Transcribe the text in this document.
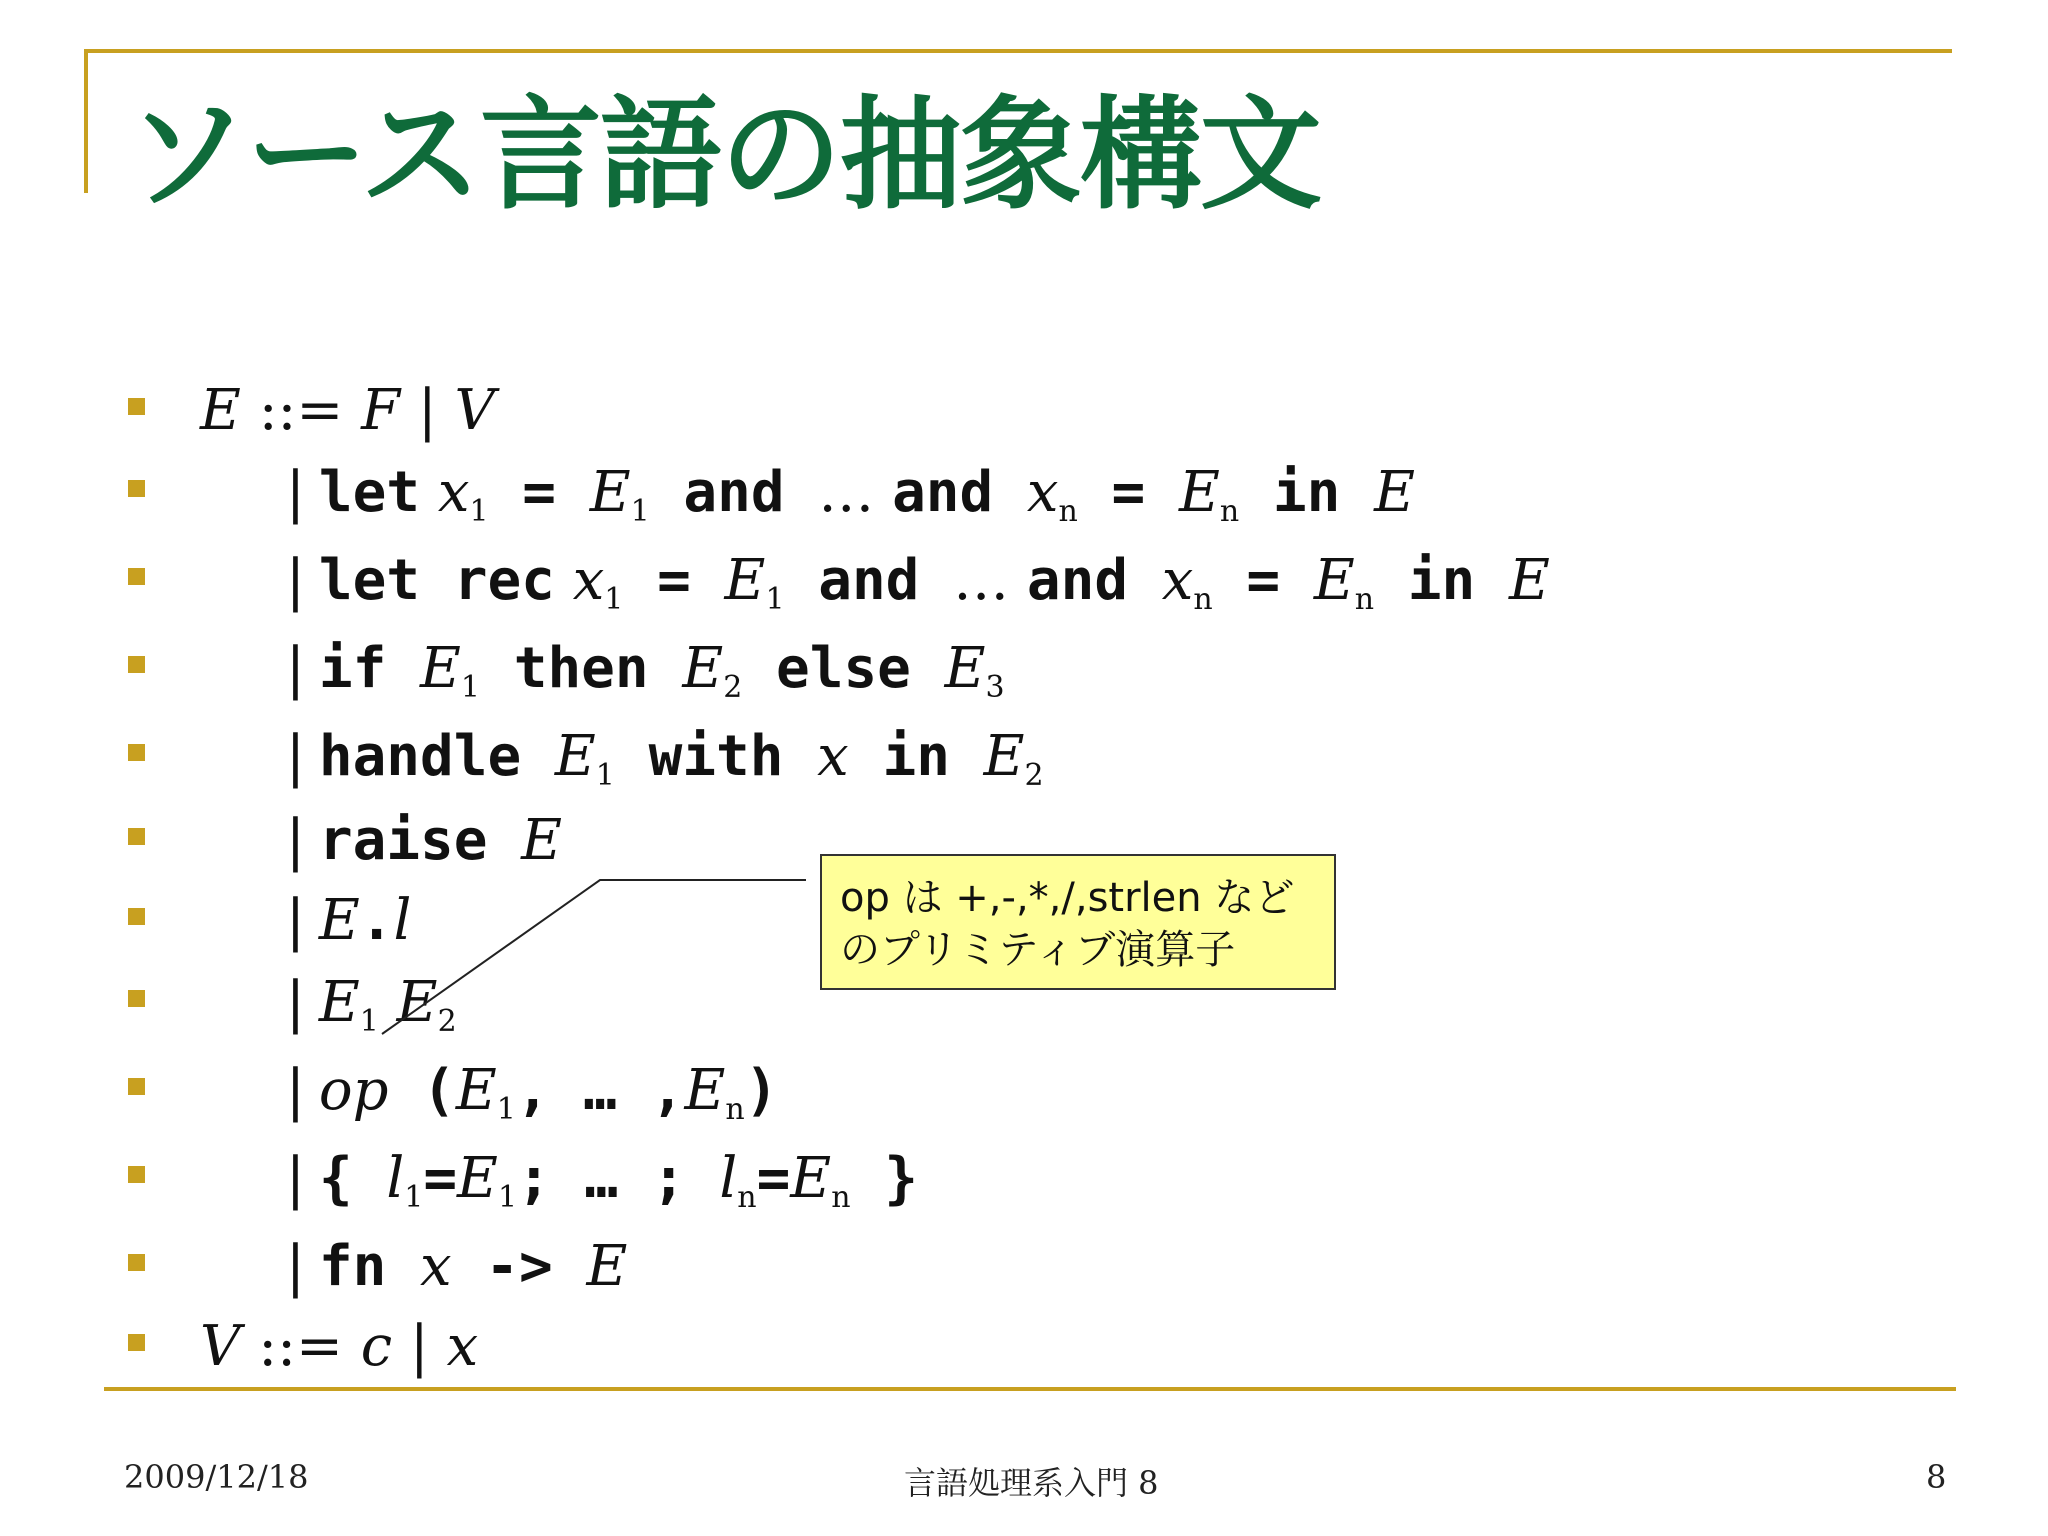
ソース言語の抽象構文
E ::= F | V
| let $x_1 = E_1$ and … and $x_n = E_n$ in E
| let rec $x_1 = E_1$ and … and $x_n = E_n$ in E
| if $E_1$ then $E_2$ else $E_3$
| handle $E_1$ with x in $E_2$
| raise E
| E.l
| $E_1$ $E_2$
| op ($E_1$, … $,E_n$)
| { $l_1=E_1$; … ; $l_n=E_n$ }
| fn x -> E
V ::= c | x
op は +,-,*,/,strlen など
のプリミティブ演算子
2009/12/18	言語処理系入門 8	8
